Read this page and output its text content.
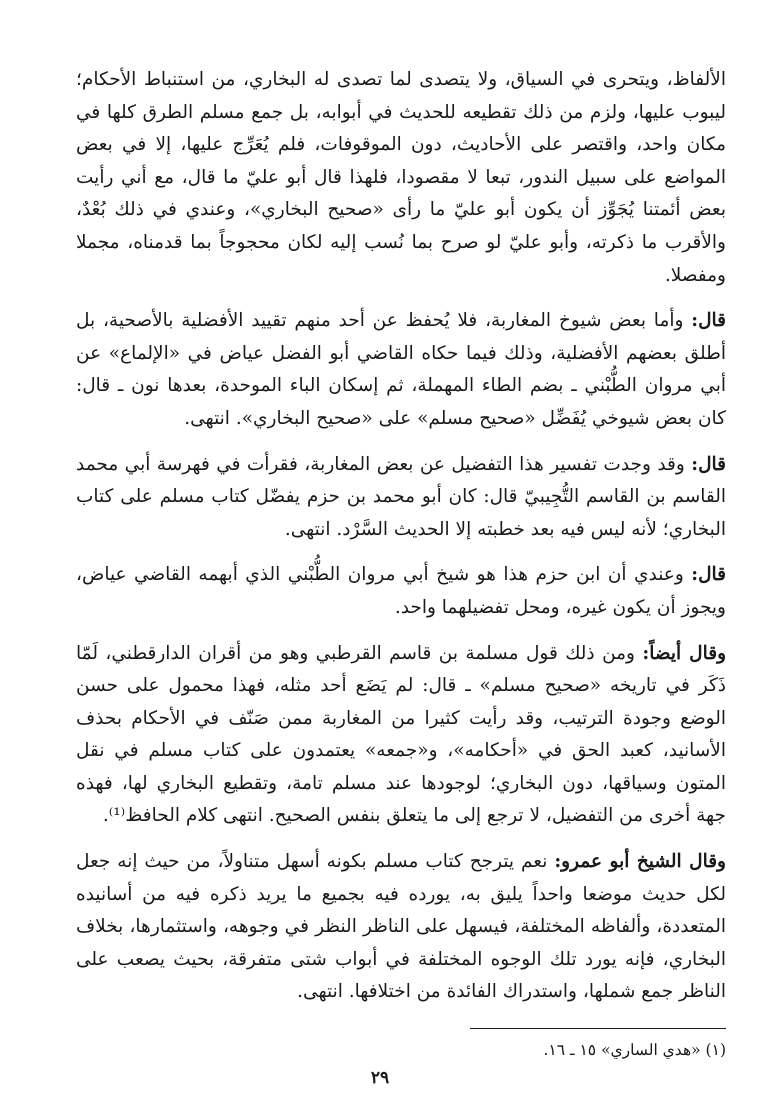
الألفاظ، ويتحرى في السياق، ولا يتصدى لما تصدى له البخاري، من استنباط الأحكام؛ ليبوب عليها، ولزم من ذلك تقطيعه للحديث في أبوابه، بل جمع مسلم الطرق كلها في مكان واحد، واقتصر على الأحاديث، دون الموقوفات، فلم يُعَرِّج عليها، إلا في بعض المواضع على سبيل الندور، تبعا لا مقصودا، فلهذا قال أبو عليّ ما قال، مع أني رأيت بعض أئمتنا يُجَوِّز أن يكون أبو عليّ ما رأى «صحيح البخاري»، وعندي في ذلك بُعْدٌ، والأقرب ما ذكرته، وأبو عليّ لو صرح بما نُسب إليه لكان محجوجاً بما قدمناه، مجملا ومفصلا.

قال: وأما بعض شيوخ المغاربة، فلا يُحفظ عن أحد منهم تقييد الأفضلية بالأصحية، بل أطلق بعضهم الأفضلية، وذلك فيما حكاه القاضي أبو الفضل عياض في «الإلماع» عن أبي مروان الطُّبْني ـ بضم الطاء المهملة، ثم إسكان الباء الموحدة، بعدها نون ـ قال: كان بعض شيوخي يُفَضِّل «صحيح مسلم» على «صحيح البخاري». انتهى.

قال: وقد وجدت تفسير هذا التفضيل عن بعض المغاربة، فقرأت في فهرسة أبي محمد القاسم بن القاسم التُّجِيبيّ قال: كان أبو محمد بن حزم يفضّل كتاب مسلم على كتاب البخاري؛ لأنه ليس فيه بعد خطبته إلا الحديث السَّرْد. انتهى.

قال: وعندي أن ابن حزم هذا هو شيخ أبي مروان الطُّبْني الذي أبهمه القاضي عياض، ويجوز أن يكون غيره، ومحل تفضيلهما واحد.

وقال أيضاً: ومن ذلك قول مسلمة بن قاسم القرطبي وهو من أقران الدارقطني، لَمّا ذَكَر في تاريخه «صحيح مسلم» ـ قال: لم يَضَع أحد مثله، فهذا محمول على حسن الوضع وجودة الترتيب، وقد رأيت كثيرا من المغاربة ممن صَنّف في الأحكام بحذف الأسانيد، كعبد الحق في «أحكامه»، و«جمعه» يعتمدون على كتاب مسلم في نقل المتون وسياقها، دون البخاري؛ لوجودها عند مسلم تامة، وتقطيع البخاري لها، فهذه جهة أخرى من التفضيل، لا ترجع إلى ما يتعلق بنفس الصحيح. انتهى كلام الحافظ⁽¹⁾.

وقال الشيخ أبو عمرو: نعم يترجح كتاب مسلم بكونه أسهل متناولاً، من حيث إنه جعل لكل حديث موضعا واحداً يليق به، يورده فيه بجميع ما يريد ذكره فيه من أسانيده المتعددة، وألفاظه المختلفة، فيسهل على الناظر النظر في وجوهه، واستثمارها، بخلاف البخاري، فإنه يورد تلك الوجوه المختلفة في أبواب شتى متفرقة، بحيث يصعب على الناظر جمع شملها، واستدراك الفائدة من اختلافها. انتهى.

(١) «هدي الساري» ١٥ ـ ١٦.
٢٩
